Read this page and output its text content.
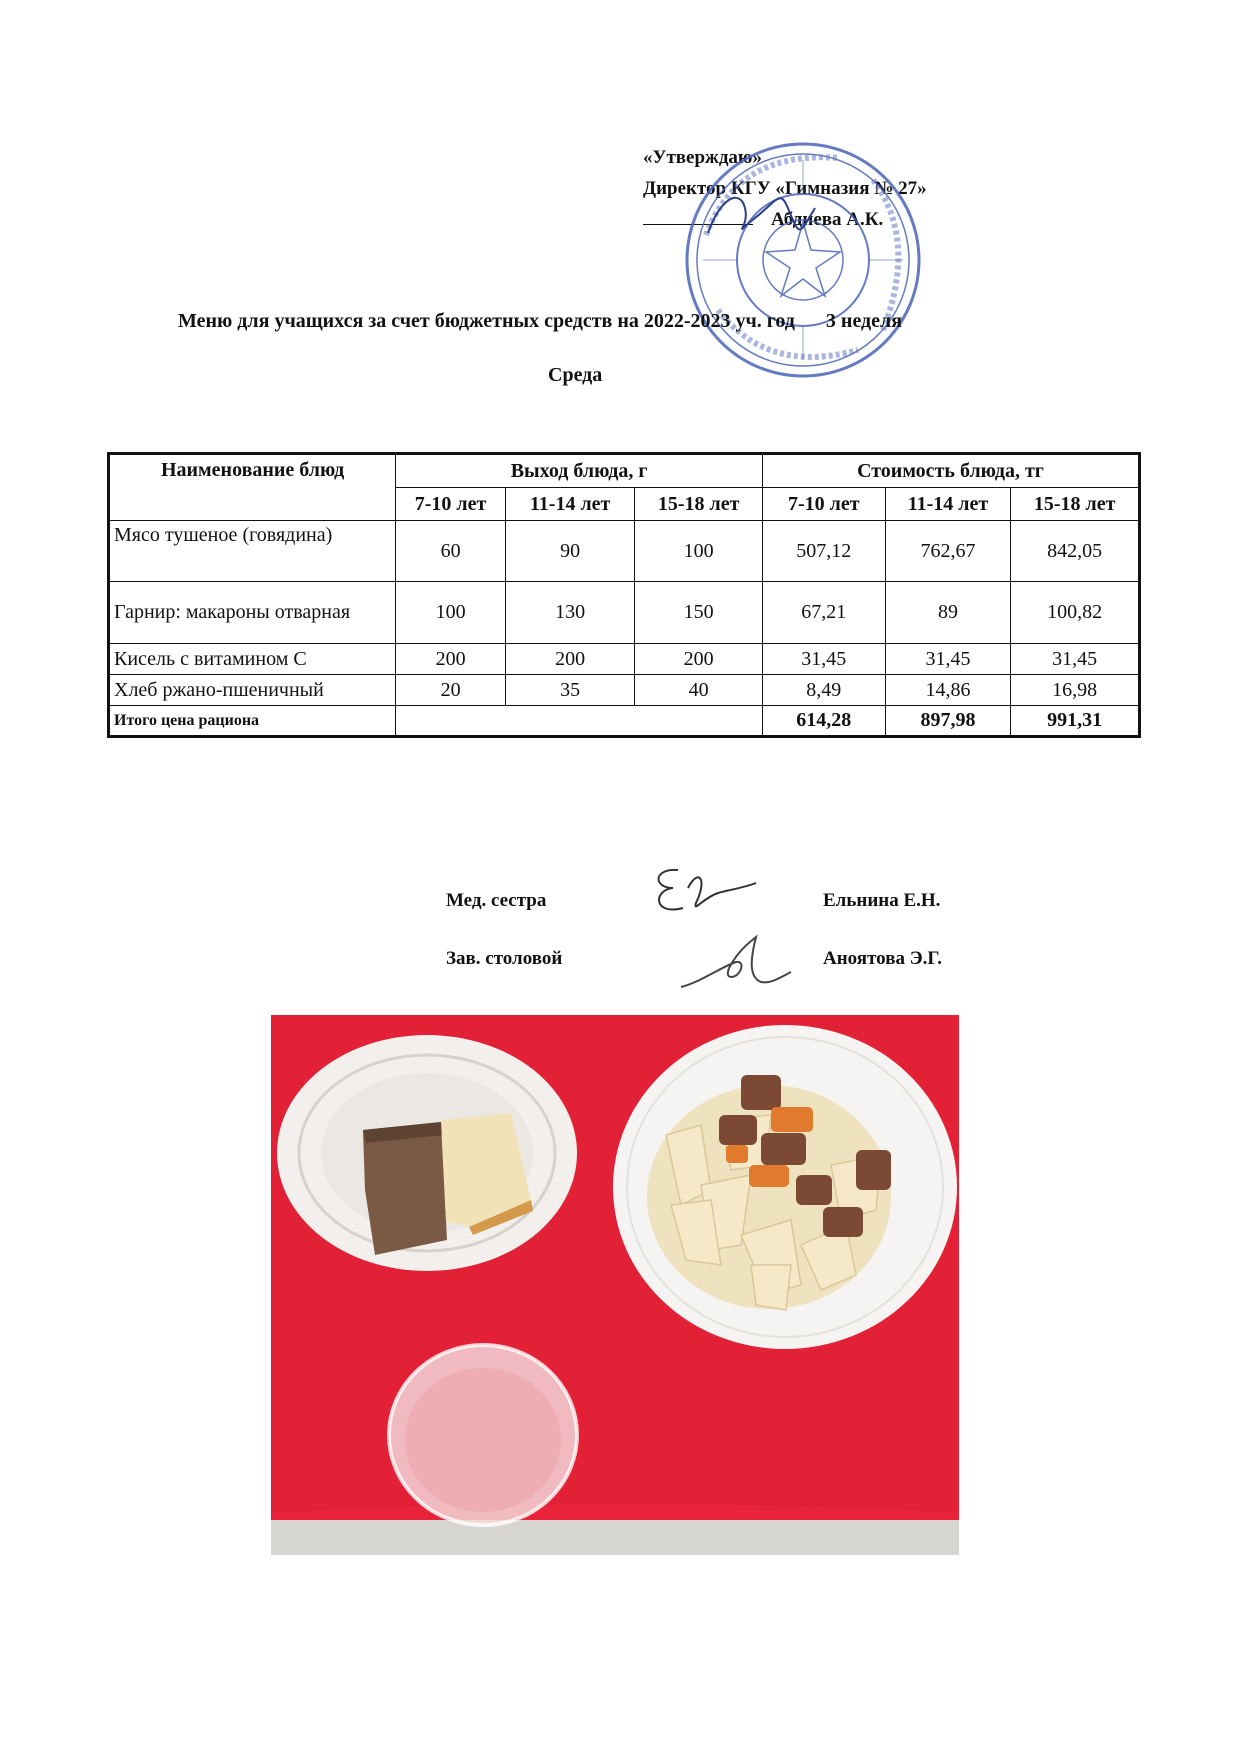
«Утверждаю»
Директор КГУ «Гимназия № 27»
Абдиева А.К.
Меню для учащихся за счет бюджетных средств на 2022-2023 уч. год 3 неделя
Среда
Наименование блюд	Выход блюда, г			Стоимость блюда, тг		
	7-10 лет	11-14 лет	15-18 лет	7-10 лет	11-14 лет	15-18 лет
Мясо тушеное (говядина)	60	90	100	507,12	762,67	842,05
Гарнир: макароны отварная	100	130	150	67,21	89	100,82
Кисель с витамином С	200	200	200	31,45	31,45	31,45
Хлеб ржано-пшеничный	20	35	40	8,49	14,86	16,98
Итого цена рациона				614,28	897,98	991,31
Мед. сестра	Ельнина Е.Н.
Зав. столовой	Аноятова Э.Г.
